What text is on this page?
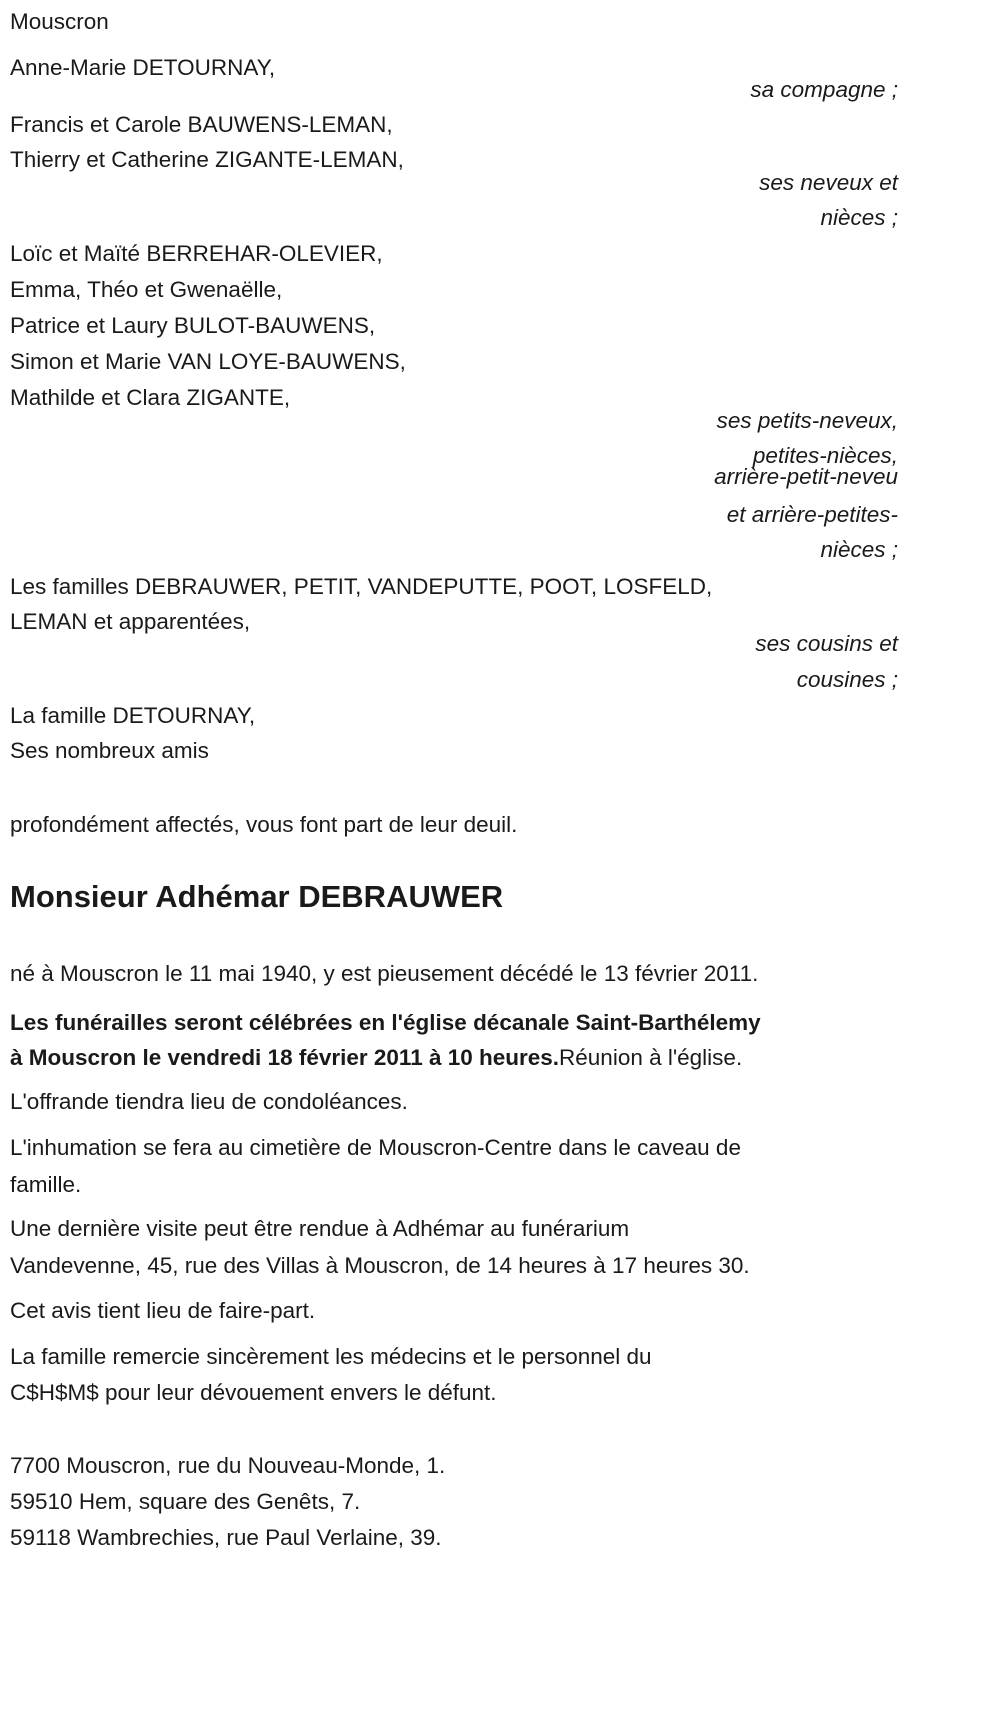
Mouscron
Anne-Marie DETOURNAY,
sa compagne ;
Francis et Carole BAUWENS-LEMAN,
Thierry et Catherine ZIGANTE-LEMAN,
ses neveux et
nièces ;
Loïc et Maïté BERREHAR-OLEVIER,
Emma, Théo et Gwenaëlle,
Patrice et Laury BULOT-BAUWENS,
Simon et Marie VAN LOYE-BAUWENS,
Mathilde et Clara ZIGANTE,
ses petits-neveux,
petites-nièces,
arrière-petit-neveu
et arrière-petites-
nièces ;
Les familles DEBRAUWER, PETIT, VANDEPUTTE, POOT, LOSFELD,
LEMAN et apparentées,
ses cousins et
cousines ;
La famille DETOURNAY,
Ses nombreux amis
profondément affectés, vous font part de leur deuil.
Monsieur Adhémar DEBRAUWER
né à Mouscron le 11 mai 1940, y est pieusement décédé le 13 février 2011.
Les funérailles seront célébrées en l'église décanale Saint-Barthélemy
à Mouscron le vendredi 18 février 2011 à 10 heures.Réunion à l'église.
L'offrande tiendra lieu de condoléances.
L'inhumation se fera au cimetière de Mouscron-Centre dans le caveau de
famille.
Une dernière visite peut être rendue à Adhémar au funérarium
Vandevenne, 45, rue des Villas à Mouscron, de 14 heures à 17 heures 30.
Cet avis tient lieu de faire-part.
La famille remercie sincèrement les médecins et le personnel du
C$H$M$ pour leur dévouement envers le défunt.
7700 Mouscron, rue du Nouveau-Monde, 1.
59510 Hem, square des Genêts, 7.
59118 Wambrechies, rue Paul Verlaine, 39.
